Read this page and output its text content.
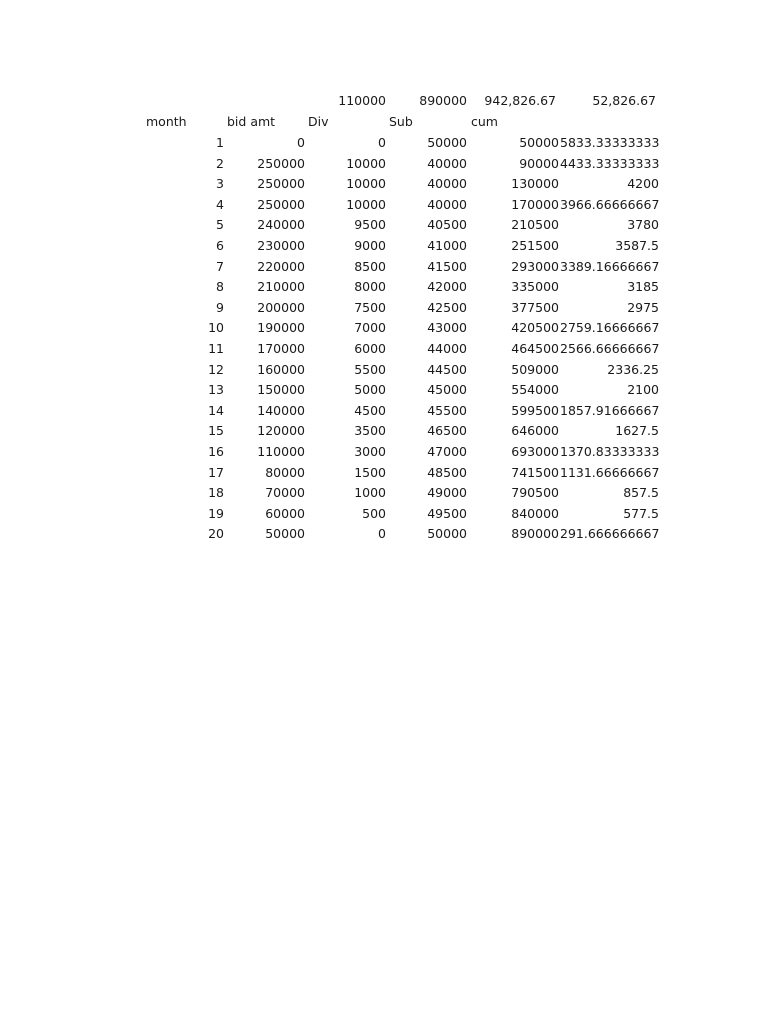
110000	890000	942,826.67	52,826.67
month	bid amt	Div	Sub	cum
1	0	0	50000	50000 5833.33333333
2	250000	10000	40000	90000 4433.33333333
3	250000	10000	40000	130000	4200
4	250000	10000	40000	170000 3966.66666667
5	240000	9500	40500	210500	3780
6	230000	9000	41000	251500	3587.5
7	220000	8500	41500	293000 3389.16666667
8	210000	8000	42000	335000	3185
9	200000	7500	42500	377500	2975
10	190000	7000	43000	420500 2759.16666667
11	170000	6000	44000	464500 2566.66666667
12	160000	5500	44500	509000	2336.25
13	150000	5000	45000	554000	2100
14	140000	4500	45500	599500 1857.91666667
15	120000	3500	46500	646000	1627.5
16	110000	3000	47000	693000 1370.83333333
17	80000	1500	48500	741500 1131.66666667
18	70000	1000	49000	790500	857.5
19	60000	500	49500	840000	577.5
20	50000	0	50000	890000 291.666666667
